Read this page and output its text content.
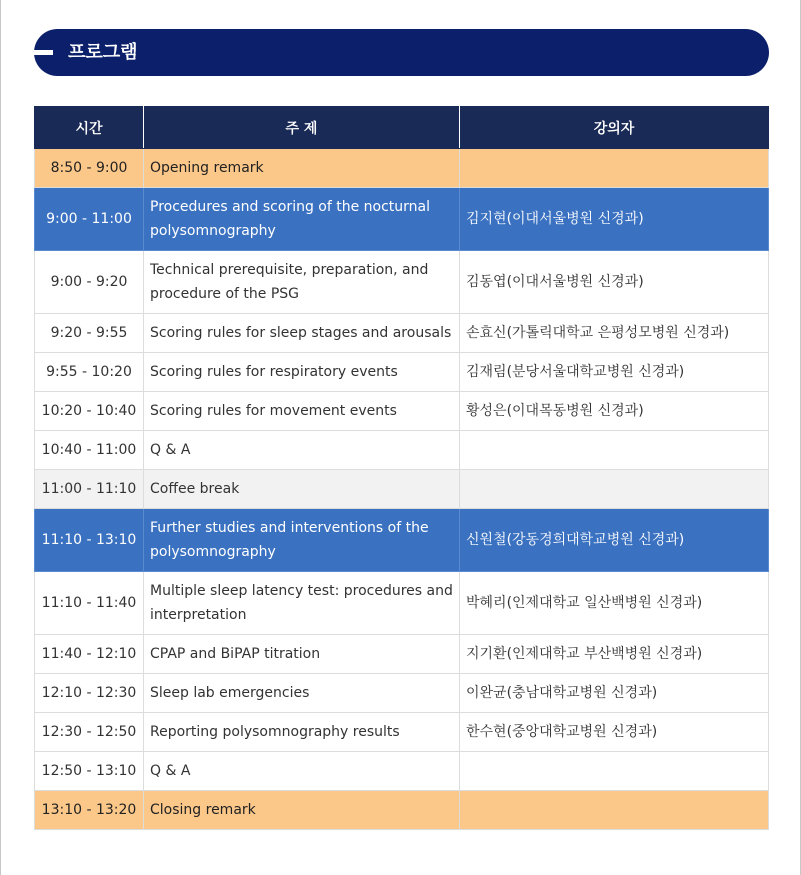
프로그램
시간	주 제	강의자
8:50 - 9:00	Opening remark	
9:00 - 11:00	Procedures and scoring of the nocturnal polysomnography	김지현(이대서울병원 신경과)
9:00 - 9:20	Technical prerequisite, preparation, and procedure of the PSG	김동엽(이대서울병원 신경과)
9:20 - 9:55	Scoring rules for sleep stages and arousals	손효신(가톨릭대학교 은평성모병원 신경과)
9:55 - 10:20	Scoring rules for respiratory events	김재림(분당서울대학교병원 신경과)
10:20 - 10:40	Scoring rules for movement events	황성은(이대목동병원 신경과)
10:40 - 11:00	Q & A	
11:00 - 11:10	Coffee break	
11:10 - 13:10	Further studies and interventions of the polysomnography	신원철(강동경희대학교병원 신경과)
11:10 - 11:40	Multiple sleep latency test: procedures and interpretation	박혜리(인제대학교 일산백병원 신경과)
11:40 - 12:10	CPAP and BiPAP titration	지기환(인제대학교 부산백병원 신경과)
12:10 - 12:30	Sleep lab emergencies	이완균(충남대학교병원 신경과)
12:30 - 12:50	Reporting polysomnography results	한수현(중앙대학교병원 신경과)
12:50 - 13:10	Q & A	
13:10 - 13:20	Closing remark	
